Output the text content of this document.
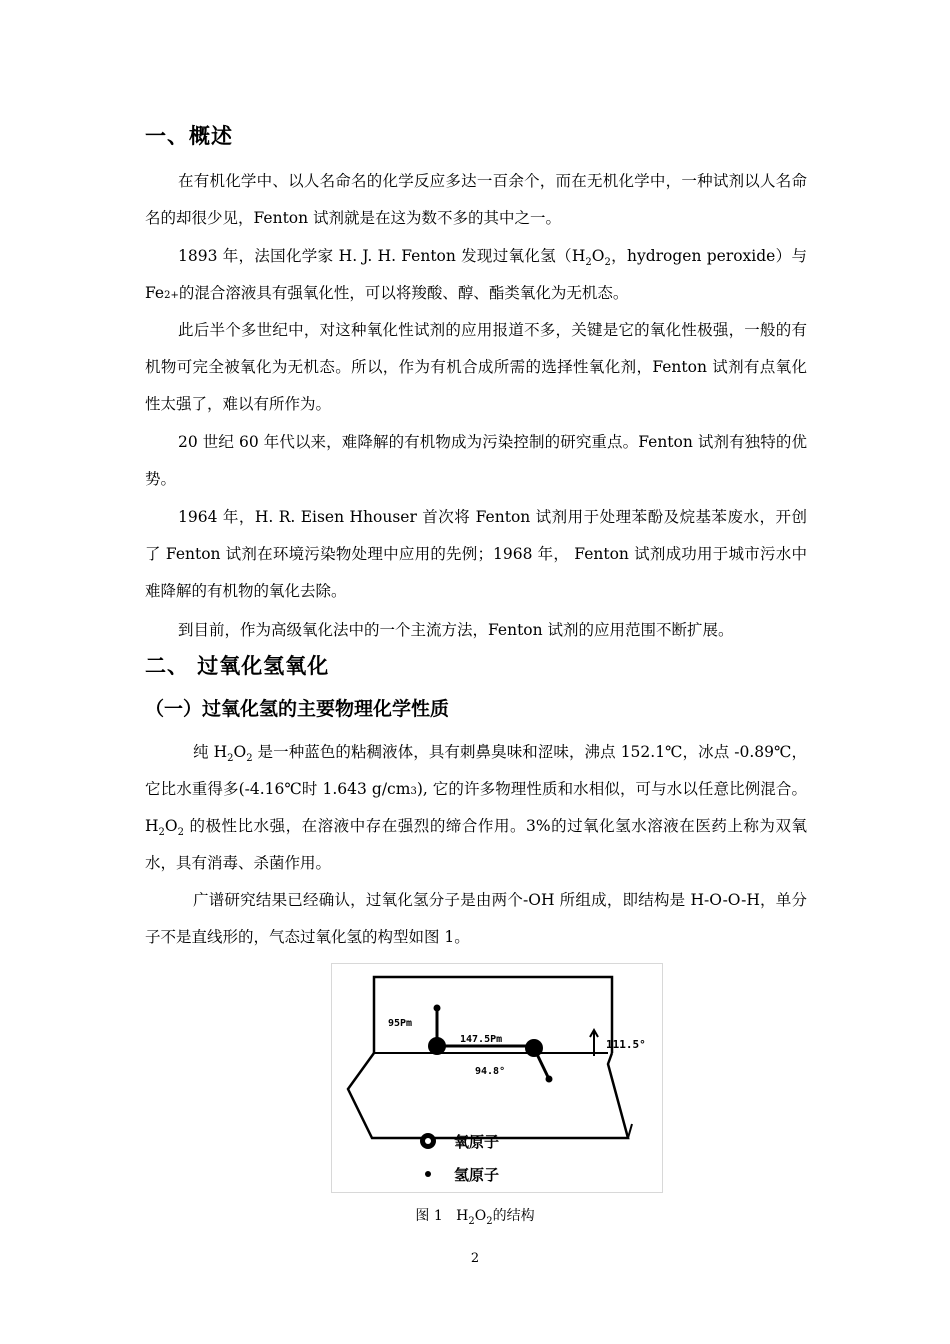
一、概述
在有机化学中、以人名命名的化学反应多达一百余个，而在无机化学中，一种试剂以人名命名的却很少见，Fenton 试剂就是在这为数不多的其中之一。
1893 年，法国化学家 H. J. H. Fenton 发现过氧化氢（$H_2O_2$，hydrogen peroxide）与 Fe2+的混合溶液具有强氧化性，可以将羧酸、醇、酯类氧化为无机态。
此后半个多世纪中，对这种氧化性试剂的应用报道不多，关键是它的氧化性极强，一般的有机物可完全被氧化为无机态。所以，作为有机合成所需的选择性氧化剂，Fenton 试剂有点氧化性太强了，难以有所作为。
20 世纪 60 年代以来，难降解的有机物成为污染控制的研究重点。Fenton 试剂有独特的优势。
1964 年，H. R. Eisen Hhouser 首次将 Fenton 试剂用于处理苯酚及烷基苯废水，开创了 Fenton 试剂在环境污染物处理中应用的先例；1968 年， Fenton 试剂成功用于城市污水中难降解的有机物的氧化去除。
到目前，作为高级氧化法中的一个主流方法，Fenton 试剂的应用范围不断扩展。
二、 过氧化氢氧化
（一）过氧化氢的主要物理化学性质
纯 $H_2O_2$ 是一种蓝色的粘稠液体，具有刺鼻臭味和涩味，沸点 152.1℃，冰点 -0.89℃，它比水重得多(-4.16℃时 1.643 g/cm3), 它的许多物理性质和水相似，可与水以任意比例混合。$H_2O_2$ 的极性比水强，在溶液中存在强烈的缔合作用。3%的过氧化氢水溶液在医药上称为双氧水，具有消毒、杀菌作用。
广谱研究结果已经确认，过氧化氢分子是由两个-OH 所组成，即结构是 H-O-O-H，单分子不是直线形的，气态过氧化氢的构型如图 1。
95Pm
147.5Pm
94.8°
111.5°
氧原子
氢原子
图 1 $H_2O_2$的结构
2
